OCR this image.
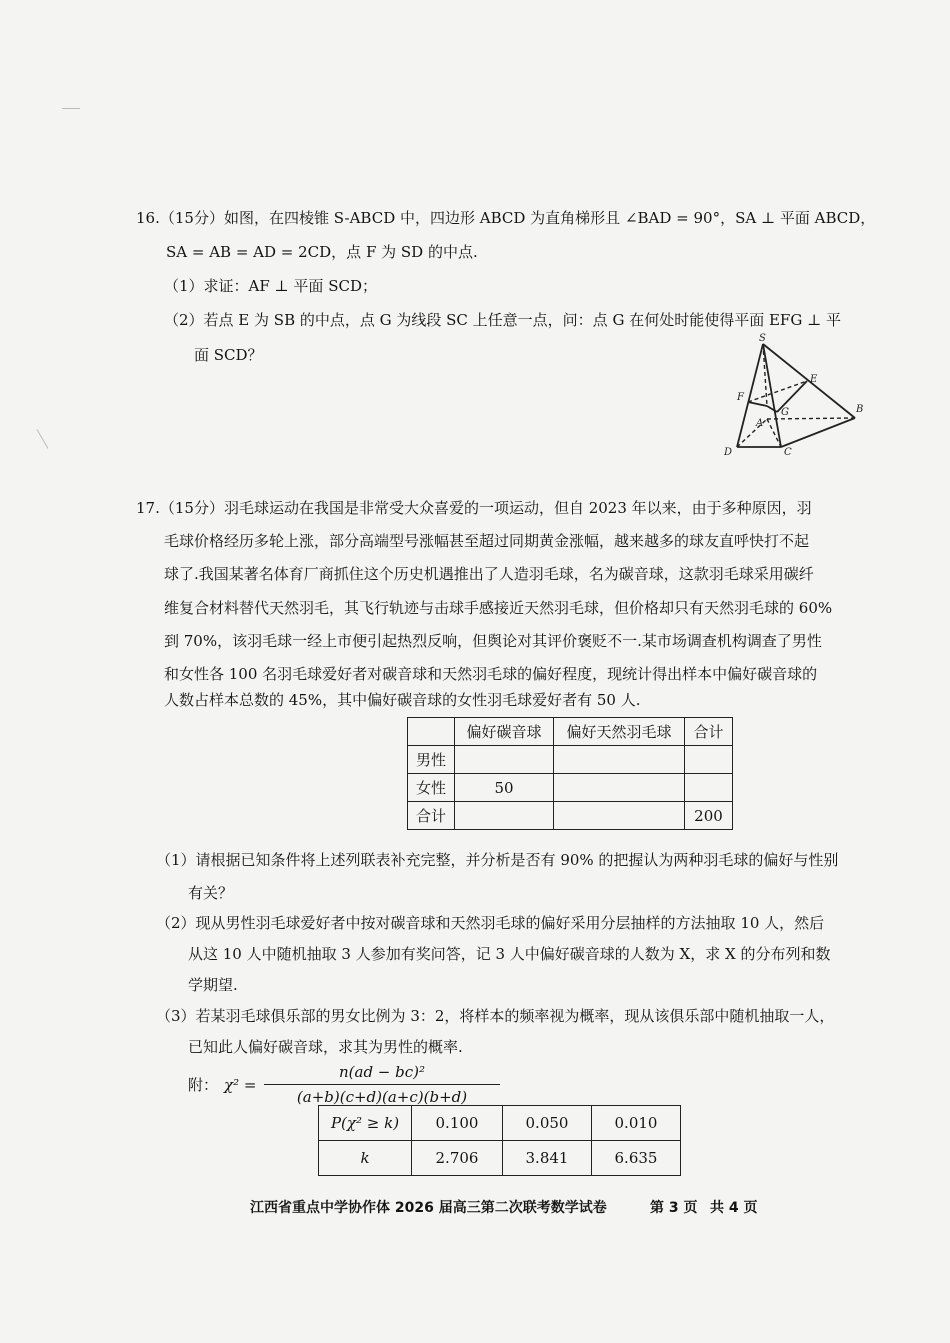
16.（15分）如图，在四棱锥 S-ABCD 中，四边形 ABCD 为直角梯形且 ∠BAD = 90°，SA ⊥ 平面 ABCD，
SA = AB = AD = 2CD，点 F 为 SD 的中点.
（1）求证：AF ⊥ 平面 SCD；
（2）若点 E 为 SB 的中点，点 G 为线段 SC 上任意一点，问：点 G 在何处时能使得平面 EFG ⊥ 平
面 SCD？
S
E
F
G
A
B
C
D
17.（15分）羽毛球运动在我国是非常受大众喜爱的一项运动，但自 2023 年以来，由于多种原因，羽
毛球价格经历多轮上涨，部分高端型号涨幅甚至超过同期黄金涨幅，越来越多的球友直呼快打不起
球了.我国某著名体育厂商抓住这个历史机遇推出了人造羽毛球，名为碳音球，这款羽毛球采用碳纤
维复合材料替代天然羽毛，其飞行轨迹与击球手感接近天然羽毛球，但价格却只有天然羽毛球的 60%
到 70%，该羽毛球一经上市便引起热烈反响，但舆论对其评价褒贬不一.某市场调查机构调查了男性
和女性各 100 名羽毛球爱好者对碳音球和天然羽毛球的偏好程度，现统计得出样本中偏好碳音球的
人数占样本总数的 45%，其中偏好碳音球的女性羽毛球爱好者有 50 人.
	偏好碳音球	偏好天然羽毛球	合计
男性			
女性	50		
合计			200
（1）请根据已知条件将上述列联表补充完整，并分析是否有 90% 的把握认为两种羽毛球的偏好与性别
有关？
（2）现从男性羽毛球爱好者中按对碳音球和天然羽毛球的偏好采用分层抽样的方法抽取 10 人，然后
从这 10 人中随机抽取 3 人参加有奖问答，记 3 人中偏好碳音球的人数为 X，求 X 的分布列和数
学期望.
（3）若某羽毛球俱乐部的男女比例为 3：2，将样本的频率视为概率，现从该俱乐部中随机抽取一人，
已知此人偏好碳音球，求其为男性的概率.
附： χ² =
n(ad − bc)²
(a+b)(c+d)(a+c)(b+d)
P(χ² ≥ k)	0.100	0.050	0.010
k	2.706	3.841	6.635
江西省重点中学协作体 2026 届高三第二次联考数学试卷	第 3 页 共 4 页
